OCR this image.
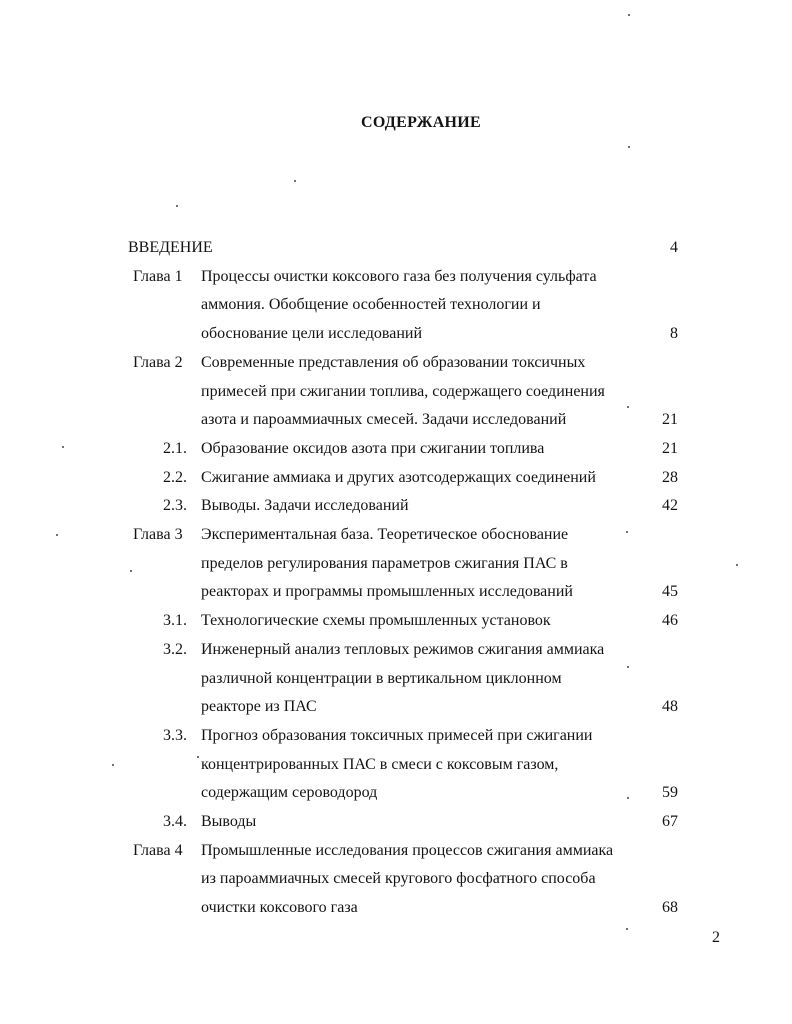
СОДЕРЖАНИЕ
ВВЕДЕНИЕ	4
Глава 1 Процессы очистки коксового газа без получения сульфата
аммония. Обобщение особенностей технологии и
обоснование цели исследований	8
Глава 2 Современные представления об образовании токсичных
примесей при сжигании топлива, содержащего соединения
азота и пароаммиачных смесей. Задачи исследований	21
2.1. Образование оксидов азота при сжигании топлива	21
2.2. Сжигание аммиака и других азотсодержащих соединений	28
2.3. Выводы. Задачи исследований	42
Глава 3 Экспериментальная база. Теоретическое обоснование
пределов регулирования параметров сжигания ПАС в
реакторах и программы промышленных исследований	45
3.1. Технологические схемы промышленных установок	46
3.2. Инженерный анализ тепловых режимов сжигания аммиака
различной концентрации в вертикальном циклонном
реакторе из ПАС	48
3.3. Прогноз образования токсичных примесей при сжигании
концентрированных ПАС в смеси с коксовым газом,
содержащим сероводород	59
3.4. Выводы	67
Глава 4 Промышленные исследования процессов сжигания аммиака
из пароаммиачных смесей кругового фосфатного способа
очистки коксового газа	68
2
